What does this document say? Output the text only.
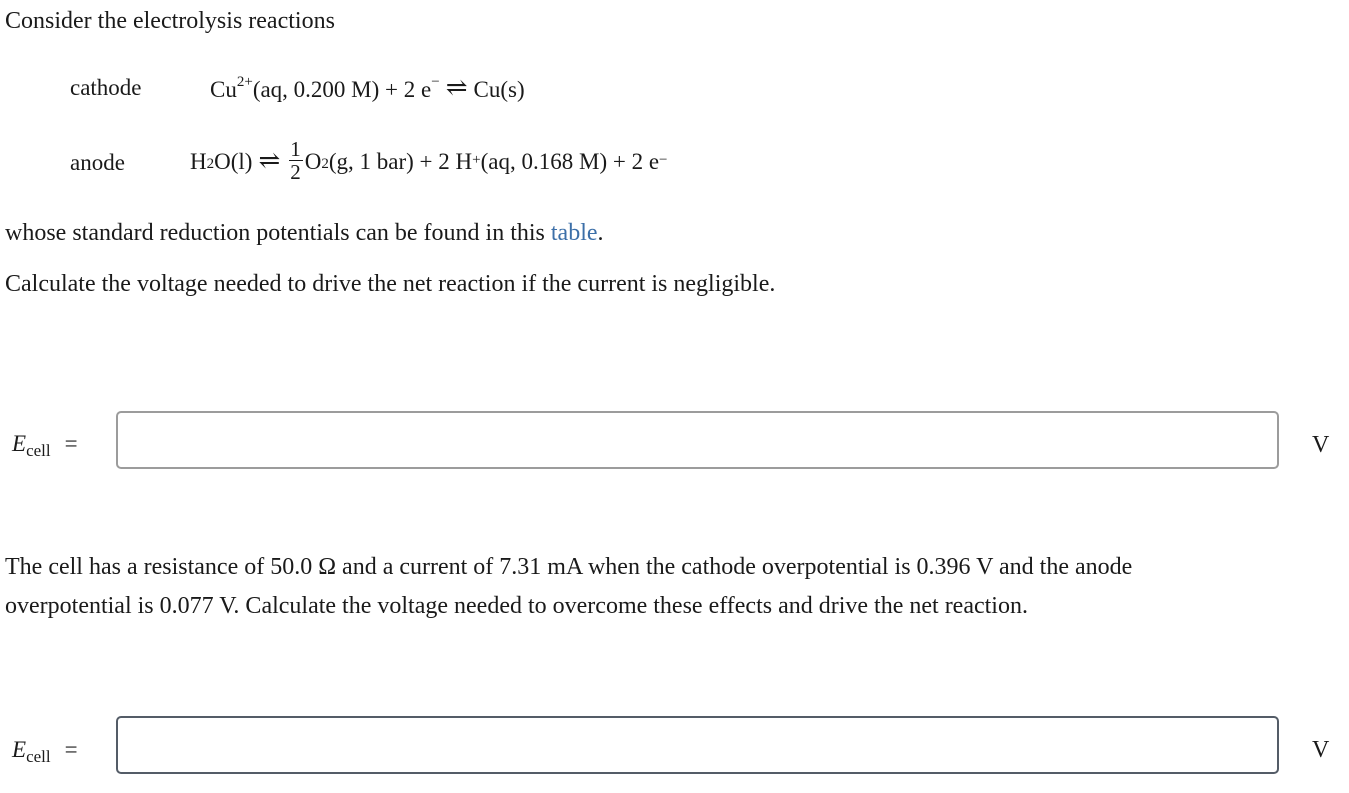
Consider the electrolysis reactions
cathode	$Cu^{2+}(aq$, 0.200 M) + 2 e− ⇌ Cu(s)
anode	$H_2$ O(l) ⇌ $\frac{1}{2} O_2$ (g, 1 bar) + 2 H+ (aq, 0.168 M) + 2 e−
whose standard reduction potentials can be found in this table.
Calculate the voltage needed to drive the net reaction if the current is negligible.
$E_{cell}$ =	V
The cell has a resistance of 50.0 Ω and a current of 7.31 mA when the cathode overpotential is 0.396 V and the anode overpotential is 0.077 V. Calculate the voltage needed to overcome these effects and drive the net reaction.
$E_{cell}$ =	V
